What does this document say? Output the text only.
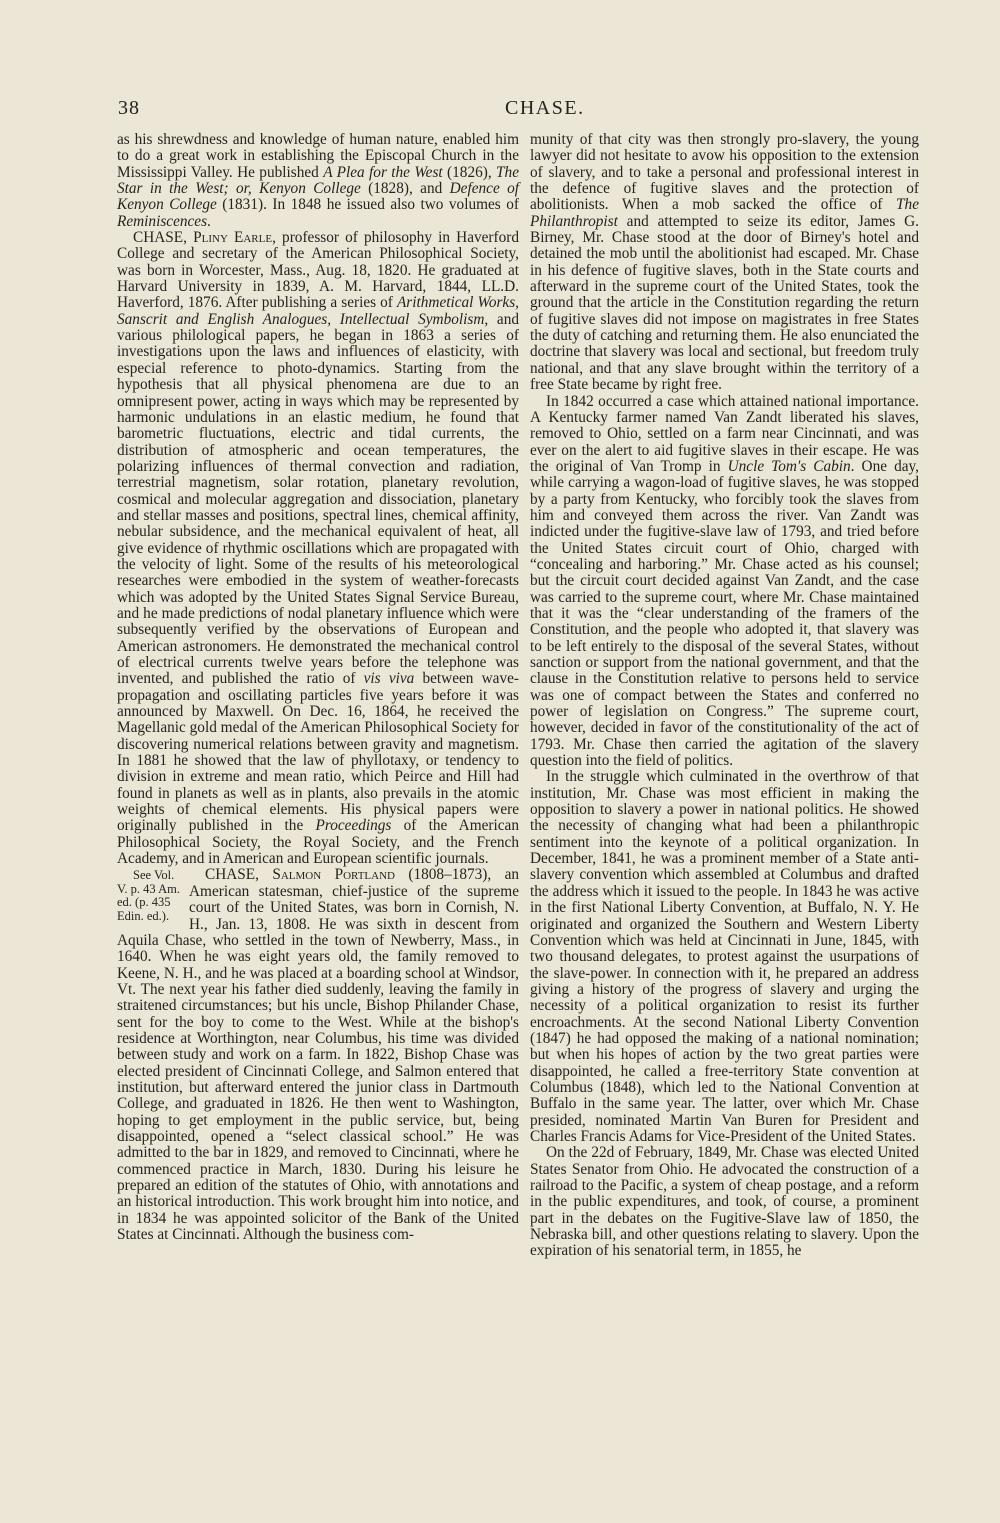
38	CHASE.

as his shrewdness and knowledge of human nature, enabled him to do a great work in establishing the Episcopal Church in the Mississippi Valley. He published A Plea for the West (1826), The Star in the West; or, Kenyon College (1828), and Defence of Kenyon College (1831). In 1848 he issued also two volumes of Reminiscences.

CHASE, Pliny Earle, professor of philosophy in Haverford College and secretary of the American Philosophical Society, was born in Worcester, Mass., Aug. 18, 1820. He graduated at Harvard University in 1839, A. M. Harvard, 1844, LL.D. Haverford, 1876. After publishing a series of Arithmetical Works, Sanscrit and English Analogues, Intellectual Symbolism, and various philological papers, he began in 1863 a series of investigations upon the laws and influences of elasticity, with especial reference to photo-dynamics. Starting from the hypothesis that all physical phenomena are due to an omnipresent power, acting in ways which may be represented by harmonic undulations in an elastic medium, he found that barometric fluctuations, electric and tidal currents, the distribution of atmospheric and ocean temperatures, the polarizing influences of thermal convection and radiation, terrestrial magnetism, solar rotation, planetary revolution, cosmical and molecular aggregation and dissociation, planetary and stellar masses and positions, spectral lines, chemical affinity, nebular subsidence, and the mechanical equivalent of heat, all give evidence of rhythmic oscillations which are propagated with the velocity of light. Some of the results of his meteorological researches were embodied in the system of weather-forecasts which was adopted by the United States Signal Service Bureau, and he made predictions of nodal planetary influence which were subsequently verified by the observations of European and American astronomers. He demonstrated the mechanical control of electrical currents twelve years before the telephone was invented, and published the ratio of vis viva between wave-propagation and oscillating particles five years before it was announced by Maxwell. On Dec. 16, 1864, he received the Magellanic gold medal of the American Philosophical Society for discovering numerical relations between gravity and magnetism. In 1881 he showed that the law of phyllotaxy, or tendency to division in extreme and mean ratio, which Peirce and Hill had found in planets as well as in plants, also prevails in the atomic weights of chemical elements. His physical papers were originally published in the Proceedings of the American Philosophical Society, the Royal Society, and the French Academy, and in American and European scientific journals.

CHASE, Salmon Portland
See Vol. V. p. 43 Am. ed. (p. 435 Edin. ed.).
(1808–1873), an American statesman, chief-justice of the supreme court of the United States, was born in Cornish, N. H., Jan. 13, 1808. He was sixth in descent from Aquila Chase, who settled in the town of Newberry, Mass., in 1640. When he was eight years old, the family removed to Keene, N. H., and he was placed at a boarding school at Windsor, Vt. The next year his father died suddenly, leaving the family in straitened circumstances; but his uncle, Bishop Philander Chase, sent for the boy to come to the West. While at the bishop's residence at Worthington, near Columbus, his time was divided between study and work on a farm. In 1822, Bishop Chase was elected president of Cincinnati College, and Salmon entered that institution, but afterward entered the junior class in Dartmouth College, and graduated in 1826. He then went to Washington, hoping to get employment in the public service, but, being disappointed, opened a “select classical school.” He was admitted to the bar in 1829, and removed to Cincinnati, where he commenced practice in March, 1830. During his leisure he prepared an edition of the statutes of Ohio, with annotations and an historical introduction. This work brought him into notice, and in 1834 he was appointed solicitor of the Bank of the United States at Cincinnati. Although the business com-

munity of that city was then strongly pro-slavery, the young lawyer did not hesitate to avow his opposition to the extension of slavery, and to take a personal and professional interest in the defence of fugitive slaves and the protection of abolitionists. When a mob sacked the office of The Philanthropist and attempted to seize its editor, James G. Birney, Mr. Chase stood at the door of Birney's hotel and detained the mob until the abolitionist had escaped. Mr. Chase in his defence of fugitive slaves, both in the State courts and afterward in the supreme court of the United States, took the ground that the article in the Constitution regarding the return of fugitive slaves did not impose on magistrates in free States the duty of catching and returning them. He also enunciated the doctrine that slavery was local and sectional, but freedom truly national, and that any slave brought within the territory of a free State became by right free.

In 1842 occurred a case which attained national importance. A Kentucky farmer named Van Zandt liberated his slaves, removed to Ohio, settled on a farm near Cincinnati, and was ever on the alert to aid fugitive slaves in their escape. He was the original of Van Tromp in Uncle Tom's Cabin. One day, while carrying a wagon-load of fugitive slaves, he was stopped by a party from Kentucky, who forcibly took the slaves from him and conveyed them across the river. Van Zandt was indicted under the fugitive-slave law of 1793, and tried before the United States circuit court of Ohio, charged with “concealing and harboring.” Mr. Chase acted as his counsel; but the circuit court decided against Van Zandt, and the case was carried to the supreme court, where Mr. Chase maintained that it was the “clear understanding of the framers of the Constitution, and the people who adopted it, that slavery was to be left entirely to the disposal of the several States, without sanction or support from the national government, and that the clause in the Constitution relative to persons held to service was one of compact between the States and conferred no power of legislation on Congress.” The supreme court, however, decided in favor of the constitutionality of the act of 1793. Mr. Chase then carried the agitation of the slavery question into the field of politics.

In the struggle which culminated in the overthrow of that institution, Mr. Chase was most efficient in making the opposition to slavery a power in national politics. He showed the necessity of changing what had been a philanthropic sentiment into the keynote of a political organization. In December, 1841, he was a prominent member of a State anti-slavery convention which assembled at Columbus and drafted the address which it issued to the people. In 1843 he was active in the first National Liberty Convention, at Buffalo, N. Y. He originated and organized the Southern and Western Liberty Convention which was held at Cincinnati in June, 1845, with two thousand delegates, to protest against the usurpations of the slave-power. In connection with it, he prepared an address giving a history of the progress of slavery and urging the necessity of a political organization to resist its further encroachments. At the second National Liberty Convention (1847) he had opposed the making of a national nomination; but when his hopes of action by the two great parties were disappointed, he called a free-territory State convention at Columbus (1848), which led to the National Convention at Buffalo in the same year. The latter, over which Mr. Chase presided, nominated Martin Van Buren for President and Charles Francis Adams for Vice-President of the United States.

On the 22d of February, 1849, Mr. Chase was elected United States Senator from Ohio. He advocated the construction of a railroad to the Pacific, a system of cheap postage, and a reform in the public expenditures, and took, of course, a prominent part in the debates on the Fugitive-Slave law of 1850, the Nebraska bill, and other questions relating to slavery. Upon the expiration of his senatorial term, in 1855, he
